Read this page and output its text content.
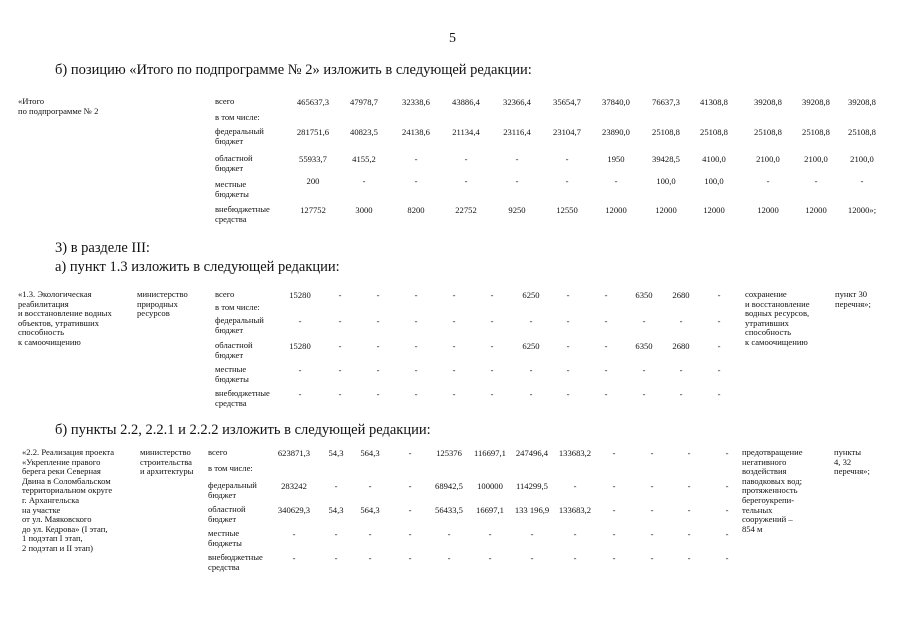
5
б) позицию «Итого по подпрограмме № 2» изложить в следующей редакции:
«Итого
по подпрограмме № 2
всего	465637,3	47978,7	32338,6	43886,4	32366,4	35654,7	37840,0	76637,3	41308,8	39208,8	39208,8	39208,8
в том числе:
федеральный
бюджет
281751,6	40823,5	24138,6	21134,4	23116,4	23104,7	23890,0	25108,8	25108,8	25108,8	25108,8	25108,8
областной
бюджет
55933,7	4155,2	-	-	-	-	1950	39428,5	4100,0	2100,0	2100,0	2100,0
местные
бюджеты
200	-	-	-	-	-	-	100,0	100,0	-	-	-
внебюджетные
средства
127752	3000	8200	22752	9250	12550	12000	12000	12000	12000	12000	12000»;
3) в разделе III:
а) пункт 1.3 изложить в следующей редакции:
«1.3. Экологическая
реабилитация
и восстановление водных
объектов, утративших
способность
к самоочищению
министерство
природных
ресурсов
сохранение
и восстановление
водных ресурсов,
утративших
способность
к самоочищению
пункт 30
перечня»;
всего	15280	-	-	-	-	-	6250	-	-	6350	2680	-
в том числе:
федеральный
бюджет
-	-	-	-	-	-	-	-	-	-	-	-
областной
бюджет
15280	-	-	-	-	-	6250	-	-	6350	2680	-
местные
бюджеты
-	-	-	-	-	-	-	-	-	-	-	-
внебюджетные
средства
-	-	-	-	-	-	-	-	-	-	-	-
б) пункты 2.2, 2.2.1 и 2.2.2 изложить в следующей редакции:
«2.2. Реализация проекта
«Укрепление правого
берега реки Северная
Двина в Соломбальском
территориальном округе
г. Архангельска
на участке
от ул. Маяковского
до ул. Кедрова» (I этап,
1 подэтап I этап,
2 подэтап и II этап)
министерство
строительства
и архитектуры
предотвращение
негативного
воздействия
паводковых вод;
протяженность
берегоукрепи-
тельных
сооружений –
854 м
пункты
4, 32
перечня»;
всего	623871,3	54,3	564,3	-	125376	116697,1	247496,4	133683,2	-	-	-	-
в том числе:
федеральный
бюджет
283242	-	-	-	68942,5	100000	114299,5	-	-	-	-	-
областной
бюджет
340629,3	54,3	564,3	-	56433,5	16697,1	133 196,9	133683,2	-	-	-	-
местные
бюджеты
-	-	-	-	-	-	-	-	-	-	-	-
внебюджетные
средства
-	-	-	-	-	-	-	-	-	-	-	-
